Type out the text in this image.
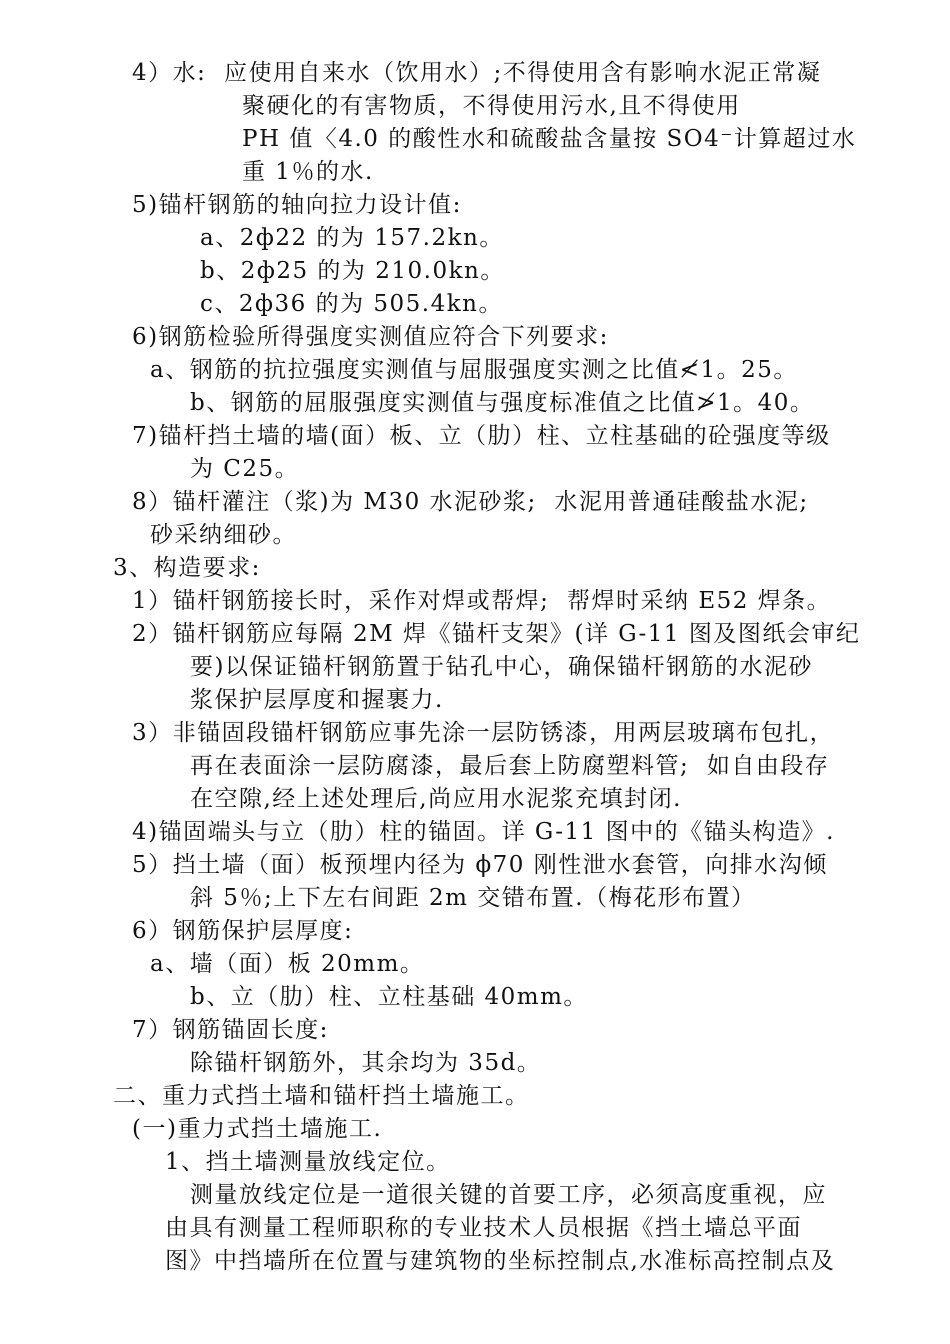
4）水:  应使用自来水（饮用水）;不得使用含有影响水泥正常凝
聚硬化的有害物质，不得使用污水,且不得使用
PH 值〈4.0 的酸性水和硫酸盐含量按 SO4⁻计算超过水
重 1％的水.
5)锚杆钢筋的轴向拉力设计值:
a、2ф22 的为 157.2kn。
b、2ф25 的为 210.0kn。
c、2ф36 的为 505.4kn。
6)钢筋检验所得强度实测值应符合下列要求:
a、钢筋的抗拉强度实测值与屈服强度实测之比值≮1。25。
b、钢筋的屈服强度实测值与强度标准值之比值≯1。40。
7)锚杆挡土墙的墙(面）板、立（肋）柱、立柱基础的砼强度等级
为 C25。
8）锚杆灌注（浆)为 M30 水泥砂浆;  水泥用普通硅酸盐水泥;
砂采纳细砂。
3、构造要求:
1）锚杆钢筋接长时，采作对焊或帮焊;  帮焊时采纳 E52 焊条。
2）锚杆钢筋应每隔 2M 焊《锚杆支架》(详 G-11 图及图纸会审纪
要)以保证锚杆钢筋置于钻孔中心，确保锚杆钢筋的水泥砂
浆保护层厚度和握裹力.
3）非锚固段锚杆钢筋应事先涂一层防锈漆，用两层玻璃布包扎，
再在表面涂一层防腐漆，最后套上防腐塑料管;  如自由段存
在空隙,经上述处理后,尚应用水泥浆充填封闭.
4)锚固端头与立（肋）柱的锚固。详 G-11 图中的《锚头构造》.
5）挡土墙（面）板预埋内径为 ϕ70 刚性泄水套管，向排水沟倾
斜 5％;上下左右间距 2m 交错布置.（梅花形布置）
6）钢筋保护层厚度:
a、墙（面）板 20mm。
b、立（肋）柱、立柱基础 40mm。
7）钢筋锚固长度:
除锚杆钢筋外，其余均为 35d。
二、重力式挡土墙和锚杆挡土墙施工。
(一)重力式挡土墙施工.
1、挡土墙测量放线定位。
测量放线定位是一道很关键的首要工序，必须高度重视，应
由具有测量工程师职称的专业技术人员根据《挡土墙总平面
图》中挡墙所在位置与建筑物的坐标控制点,水准标高控制点及
